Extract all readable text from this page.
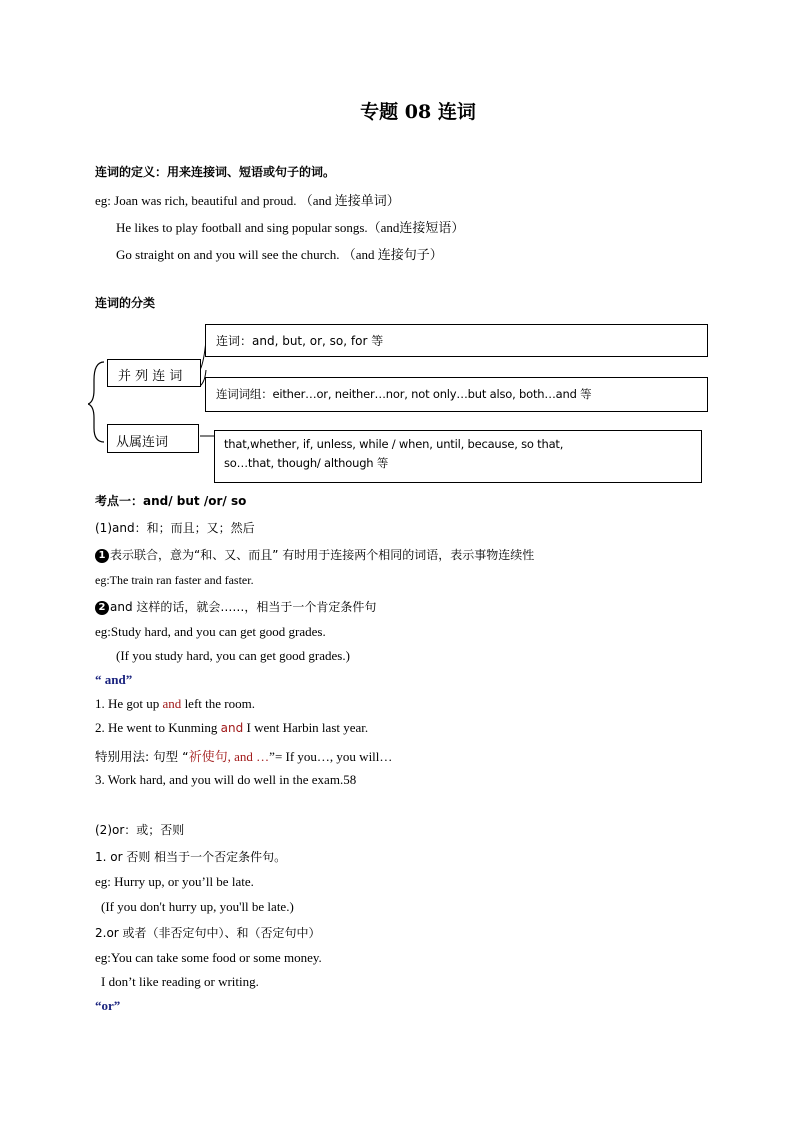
专题 08 连词
连词的定义：用来连接词、短语或句子的词。
eg: Joan was rich, beautiful and proud. （and 连接单词）
He likes to play football and sing popular songs.（and连接短语）
Go straight on and you will see the church. （and 连接句子）
连词的分类
并 列 连 词
从属连词
连词：and, but, or, so, for 等
连词词组：either…or, neither…nor, not only…but also, both…and 等
that,whether, if, unless, while / when, until, because, so that,
so…that, though/ although 等
考点一：and/ but /or/ so
(1)and：和；而且；又；然后
1 表示联合，意为“和、又、而且” 有时用于连接两个相同的词语，表示事物连续性
eg:The train ran faster and faster.
2 and 这样的话，就会……，相当于一个肯定条件句
eg:Study hard, and you can get good grades.
(If you study hard, you can get good grades.)
“ and”
1. He got up and left the room.
2. He went to Kunming and I went Harbin last year.
特别用法: 句型 “祈使句, and …”= If you…, you will…
3. Work hard, and you will do well in the exam.58
(2)or：或；否则
1. or 否则 相当于一个否定条件句。
eg: Hurry up, or you’ll be late.
(If you don't hurry up, you'll be late.)
2.or 或者（非否定句中）、和（否定句中）
eg:You can take some food or some money.
I don’t like reading or writing.
“or”
